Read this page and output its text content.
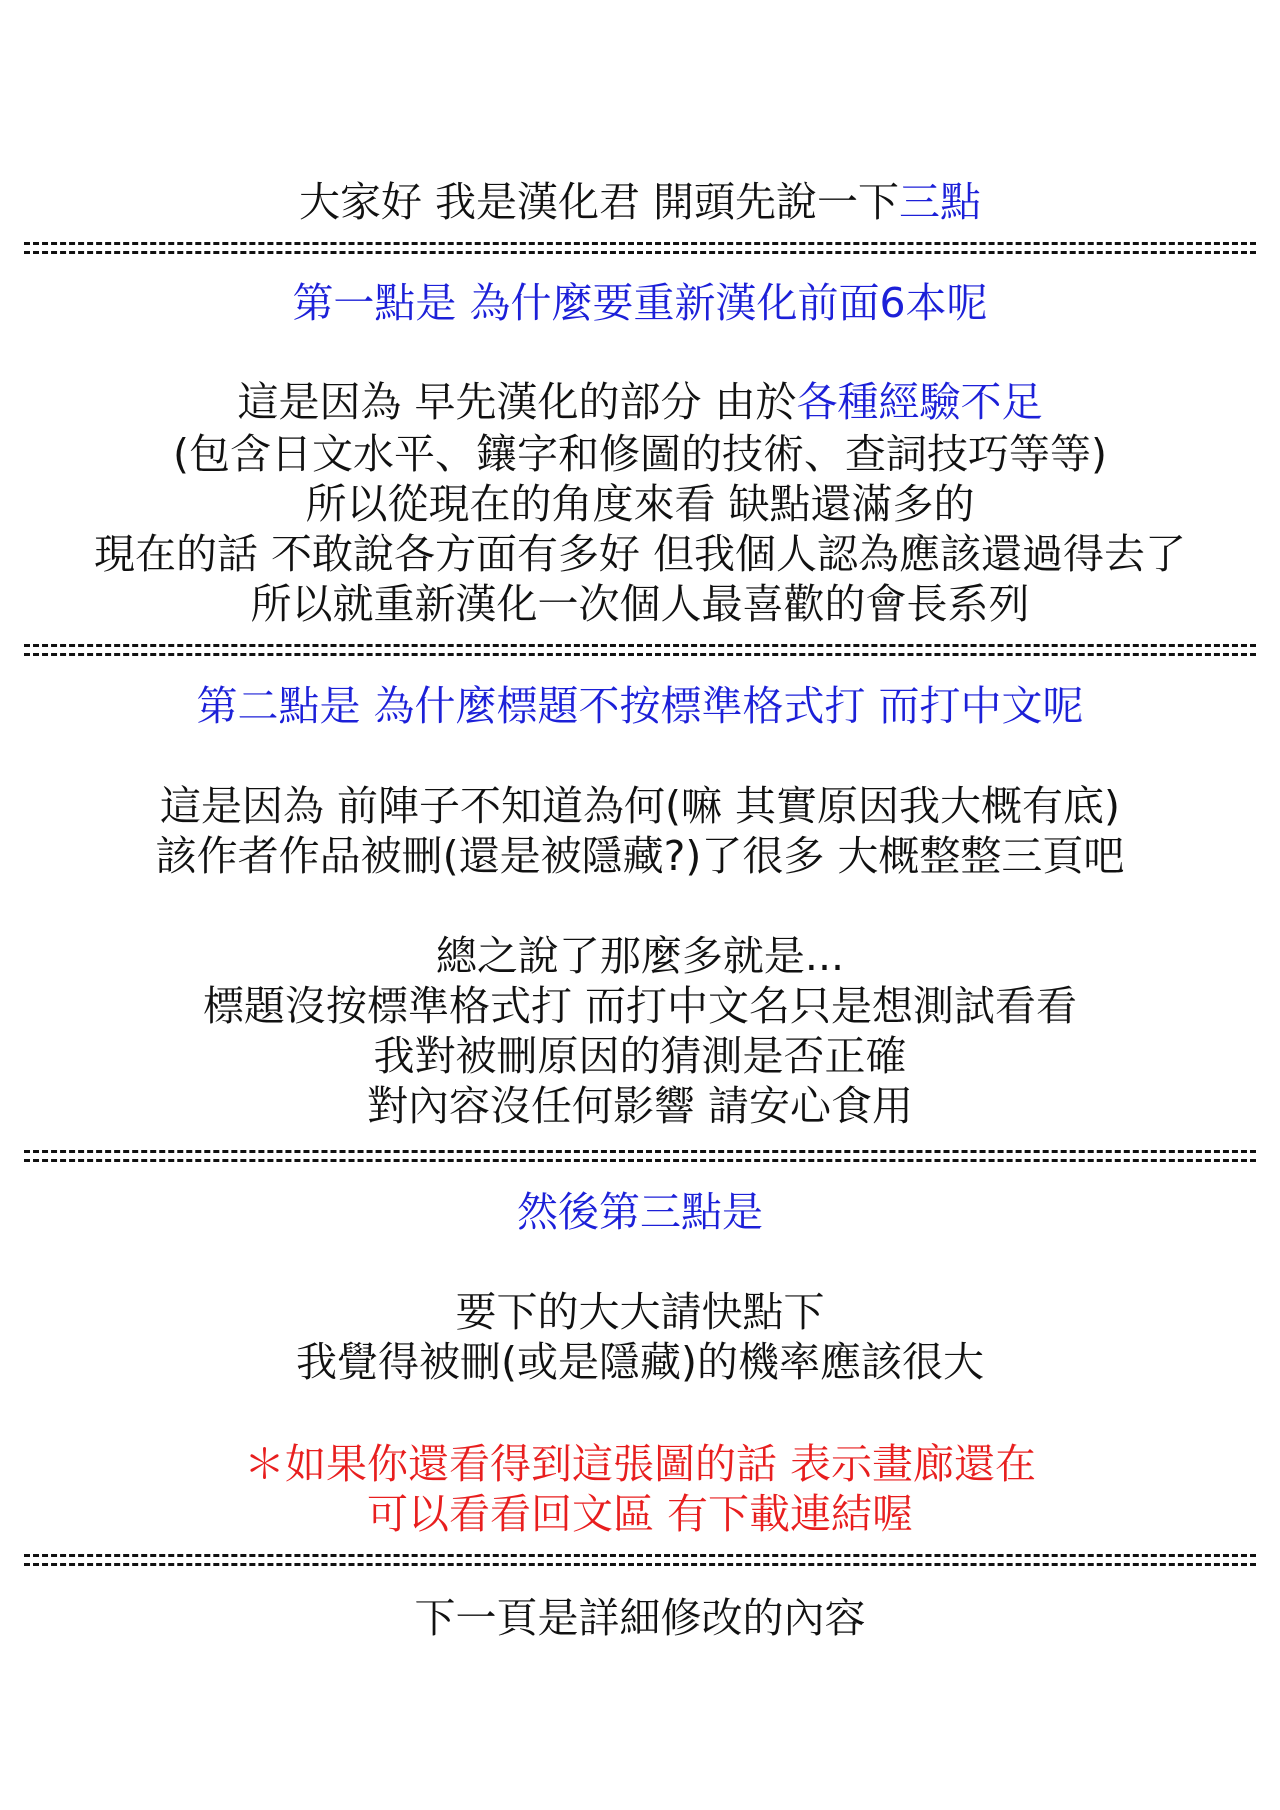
大家好 我是漢化君 開頭先說一下三點
第一點是 為什麼要重新漢化前面6本呢
這是因為 早先漢化的部分 由於各種經驗不足
(包含日文水平、鑲字和修圖的技術、查詞技巧等等)
所以從現在的角度來看 缺點還滿多的
現在的話 不敢說各方面有多好 但我個人認為應該還過得去了
所以就重新漢化一次個人最喜歡的會長系列
第二點是 為什麼標題不按標準格式打 而打中文呢
這是因為 前陣子不知道為何(嘛 其實原因我大概有底)
該作者作品被刪(還是被隱藏?)了很多 大概整整三頁吧
總之說了那麼多就是...
標題沒按標準格式打 而打中文名只是想測試看看
我對被刪原因的猜測是否正確
對內容沒任何影響 請安心食用
然後第三點是
要下的大大請快點下
我覺得被刪(或是隱藏)的機率應該很大
＊如果你還看得到這張圖的話 表示畫廊還在
可以看看回文區 有下載連結喔
下一頁是詳細修改的內容
